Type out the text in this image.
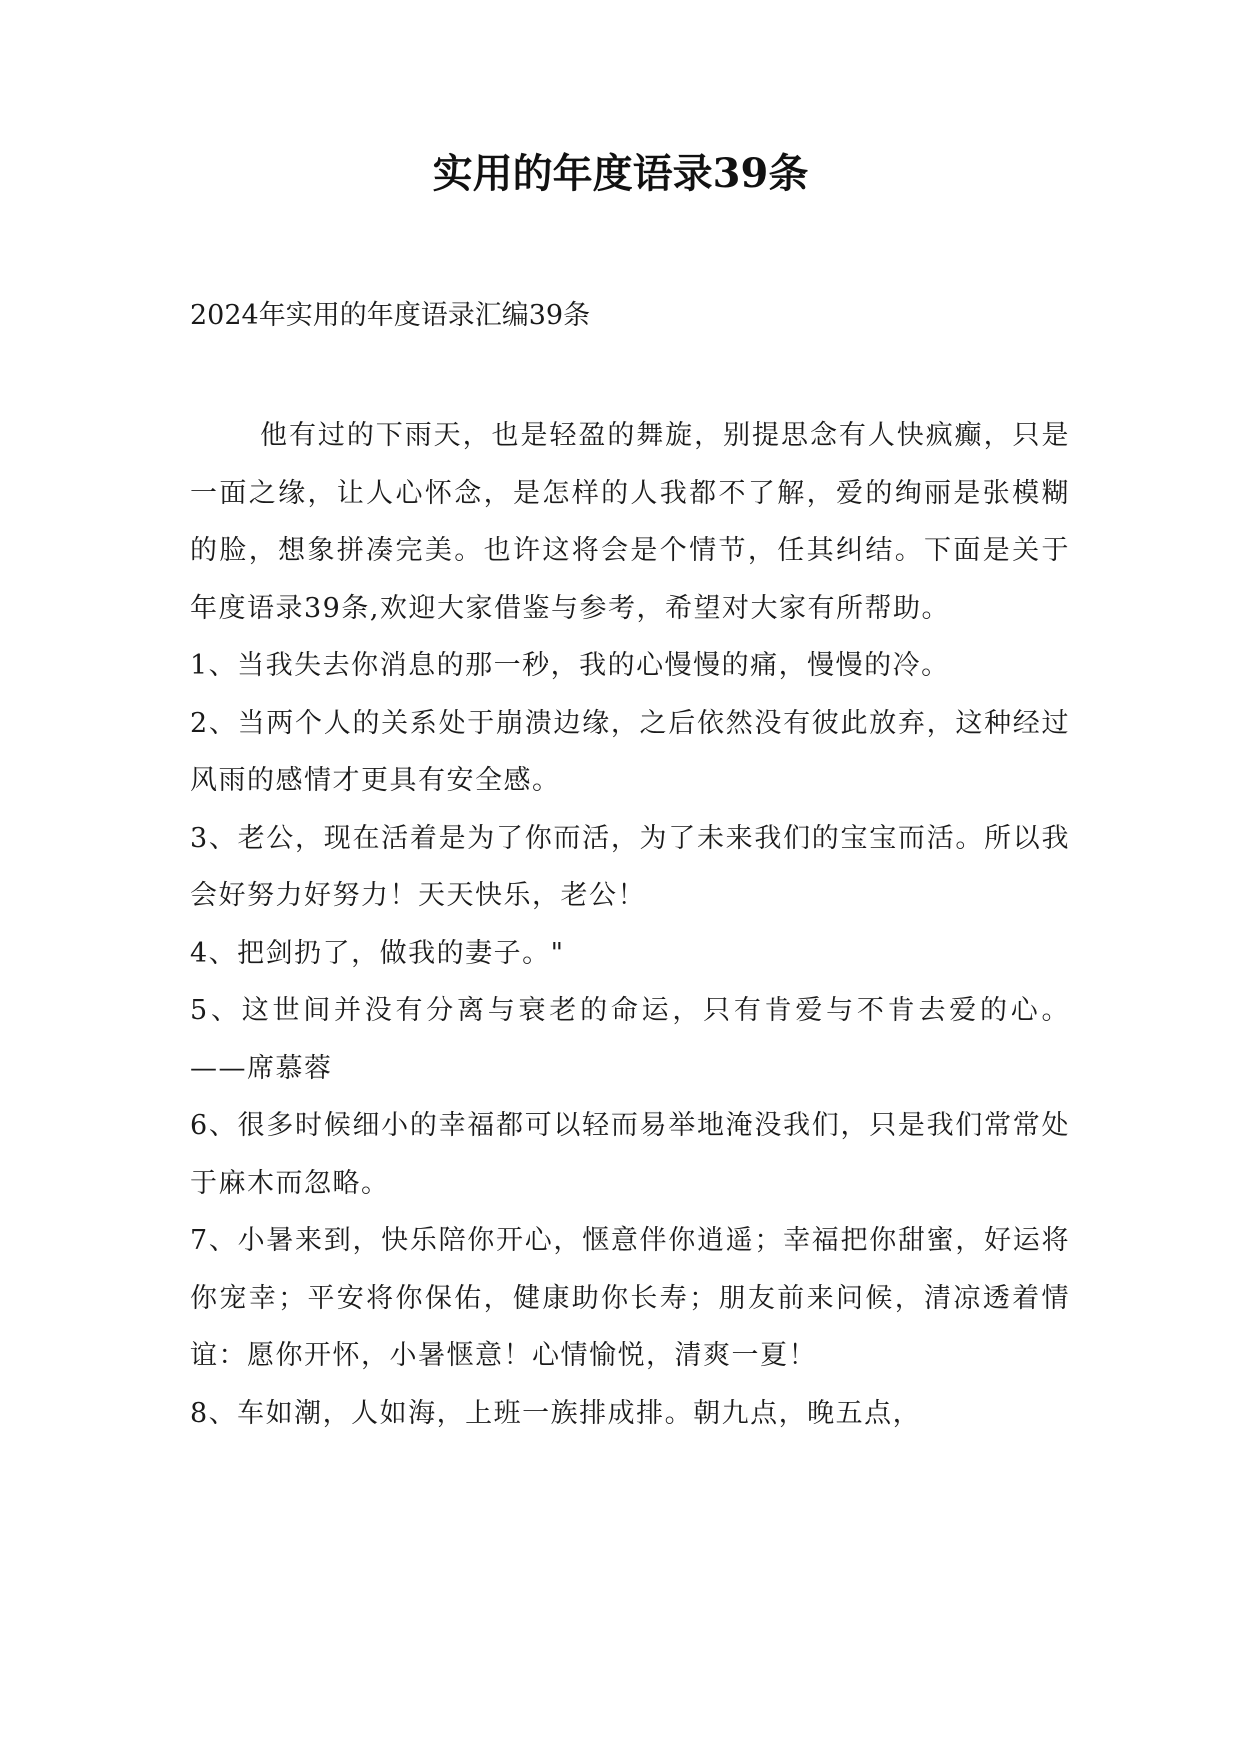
实用的年度语录39条

2024年实用的年度语录汇编39条

他有过的下雨天，也是轻盈的舞旋，别提思念有人快疯癫，只是一面之缘，让人心怀念，是怎样的人我都不了解，爱的绚丽是张模糊的脸，想象拼凑完美。也许这将会是个情节，任其纠结。下面是关于年度语录39条,欢迎大家借鉴与参考，希望对大家有所帮助。

1、当我失去你消息的那一秒，我的心慢慢的痛，慢慢的冷。

2、当两个人的关系处于崩溃边缘，之后依然没有彼此放弃，这种经过风雨的感情才更具有安全感。

3、老公，现在活着是为了你而活，为了未来我们的宝宝而活。所以我会好努力好努力！天天快乐，老公！

4、把剑扔了，做我的妻子。"

5、这世间并没有分离与衰老的命运，只有肯爱与不肯去爱的心。 ——席慕蓉

6、很多时候细小的幸福都可以轻而易举地淹没我们，只是我们常常处于麻木而忽略。

7、小暑来到，快乐陪你开心，惬意伴你逍遥；幸福把你甜蜜，好运将你宠幸；平安将你保佑，健康助你长寿；朋友前来问候，清凉透着情谊：愿你开怀，小暑惬意！心情愉悦，清爽一夏！

8、车如潮，人如海，上班一族排成排。朝九点，晚五点，
